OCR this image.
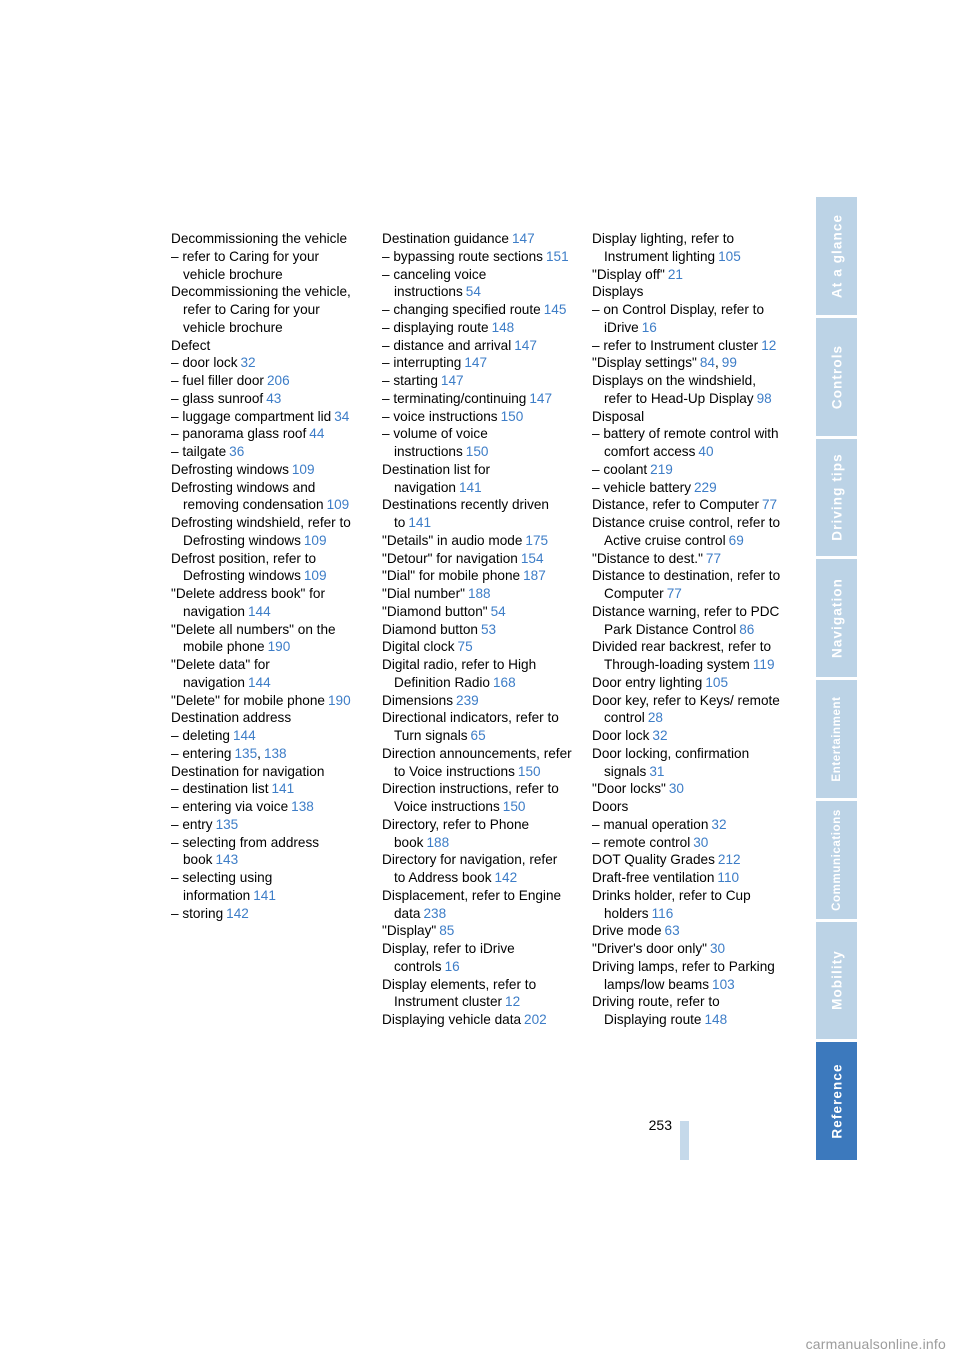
Decommissioning the vehicle
– refer to Caring for your vehicle brochure
Decommissioning the vehicle, refer to Caring for your vehicle brochure
Defect
– door lock 32
– fuel filler door 206
– glass sunroof 43
– luggage compartment lid 34
– panorama glass roof 44
– tailgate 36
Defrosting windows 109
Defrosting windows and removing condensation 109
Defrosting windshield, refer to Defrosting windows 109
Defrost position, refer to Defrosting windows 109
"Delete address book" for navigation 144
"Delete all numbers" on the mobile phone 190
"Delete data" for navigation 144
"Delete" for mobile phone 190
Destination address
– deleting 144
– entering 135, 138
Destination for navigation
– destination list 141
– entering via voice 138
– entry 135
– selecting from address book 143
– selecting using information 141
– storing 142
Destination guidance 147
– bypassing route sections 151
– canceling voice instructions 54
– changing specified route 145
– displaying route 148
– distance and arrival 147
– interrupting 147
– starting 147
– terminating/continuing 147
– voice instructions 150
– volume of voice instructions 150
Destination list for navigation 141
Destinations recently driven to 141
"Details" in audio mode 175
"Detour" for navigation 154
"Dial" for mobile phone 187
"Dial number" 188
"Diamond button" 54
Diamond button 53
Digital clock 75
Digital radio, refer to High Definition Radio 168
Dimensions 239
Directional indicators, refer to Turn signals 65
Direction announcements, refer to Voice instructions 150
Direction instructions, refer to Voice instructions 150
Directory, refer to Phone book 188
Directory for navigation, refer to Address book 142
Displacement, refer to Engine data 238
"Display" 85
Display, refer to iDrive controls 16
Display elements, refer to Instrument cluster 12
Displaying vehicle data 202
Display lighting, refer to Instrument lighting 105
"Display off" 21
Displays
– on Control Display, refer to iDrive 16
– refer to Instrument cluster 12
"Display settings" 84, 99
Displays on the windshield, refer to Head-Up Display 98
Disposal
– battery of remote control with comfort access 40
– coolant 219
– vehicle battery 229
Distance, refer to Computer 77
Distance cruise control, refer to Active cruise control 69
"Distance to dest." 77
Distance to destination, refer to Computer 77
Distance warning, refer to PDC Park Distance Control 86
Divided rear backrest, refer to Through-loading system 119
Door entry lighting 105
Door key, refer to Keys/ remote control 28
Door lock 32
Door locking, confirmation signals 31
"Door locks" 30
Doors
– manual operation 32
– remote control 30
DOT Quality Grades 212
Draft-free ventilation 110
Drinks holder, refer to Cup holders 116
Drive mode 63
"Driver's door only" 30
Driving lamps, refer to Parking lamps/low beams 103
Driving route, refer to Displaying route 148
At a glance
Controls
Driving tips
Navigation
Entertainment
Communications
Mobility
Reference
253
carmanualsonline.info
